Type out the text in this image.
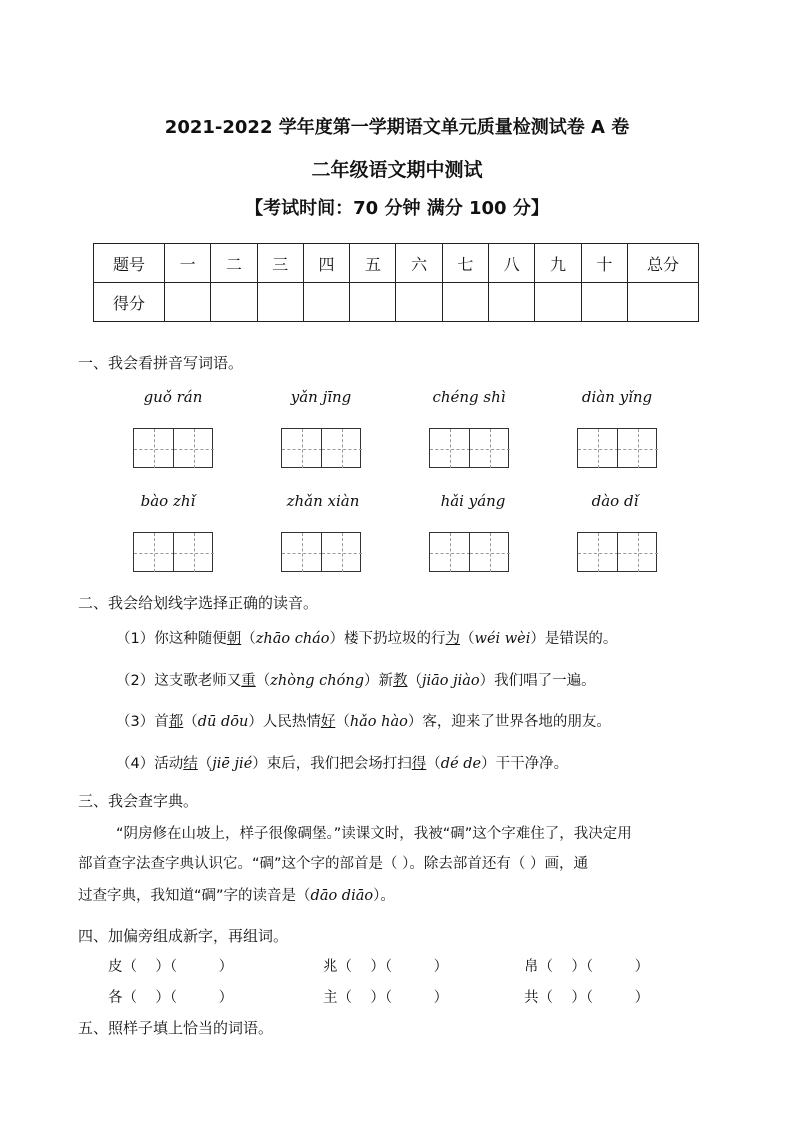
2021-2022 学年度第一学期语文单元质量检测试卷 A 卷
二年级语文期中测试
【考试时间：70 分钟 满分 100 分】
题号	一	二	三	四	五	六	七	八	九	十	总分
得分											
一、我会看拼音写词语。
guǒ rán	yǎn jīng	chéng shì	diàn yǐng
bào zhǐ	zhǎn xiàn	hǎi yáng	dào dǐ
二、我会给划线字选择正确的读音。
（1）你这种随便朝（zhāo cháo）楼下扔垃圾的行为（wéi wèi）是错误的。
（2）这支歌老师又重（zhòng chóng）新教（jiāo jiào）我们唱了一遍。
（3）首都（dū dōu）人民热情好（hǎo hào）客，迎来了世界各地的朋友。
（4）活动结（jiē jié）束后，我们把会场打扫得（dé de）干干净净。
三、我会查字典。
“阴房修在山坡上，样子很像碉堡。”读课文时，我被“碉”这个字难住了，我决定用
部首查字法查字典认识它。“碉”这个字的部首是（ ）。除去部首还有（ ）画，通
过查字典，我知道“碉”字的读音是（dāo diāo）。
四、加偏旁组成新字，再组词。
皮（    ）（         ）	兆（    ）（         ）	帛（    ）（         ）
各（    ）（         ）	主（    ）（         ）	共（    ）（         ）
五、照样子填上恰当的词语。
